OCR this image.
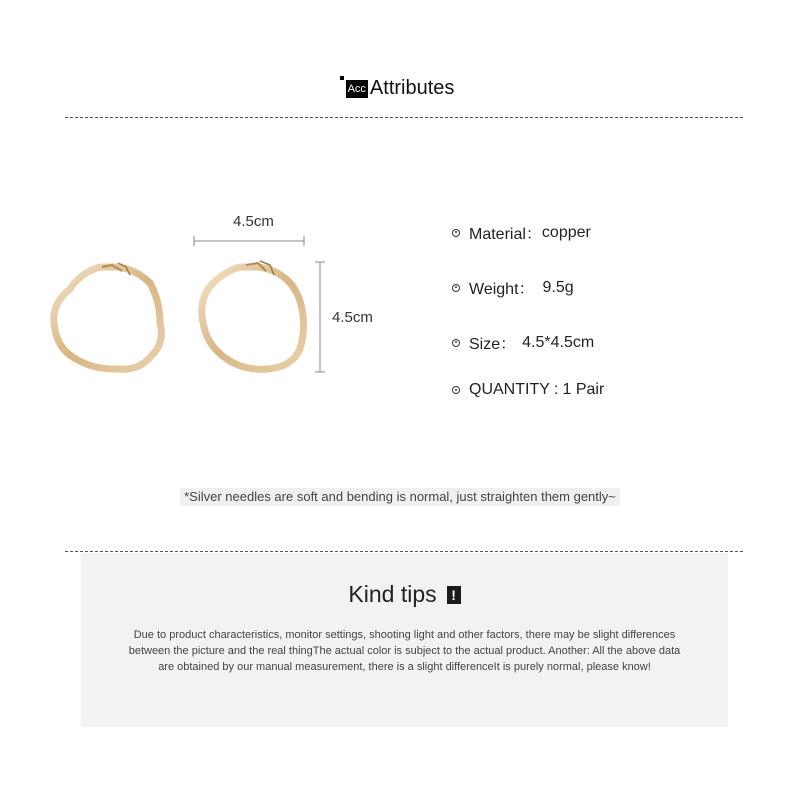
Acc Attributes
4.5cm
4.5cm
Material： copper
Weight： 9.5g
Size： 4.5*4.5cm
QUANTITY : 1 Pair
*Silver needles are soft and bending is normal, just straighten them gently~
Kind tips	!
Due to product characteristics, monitor settings, shooting light and other factors, there may be slight differences between the picture and the real thingThe actual color is subject to the actual product. Another: All the above data are obtained by our manual measurement, there is a slight differenceIt is purely normal, please know!
